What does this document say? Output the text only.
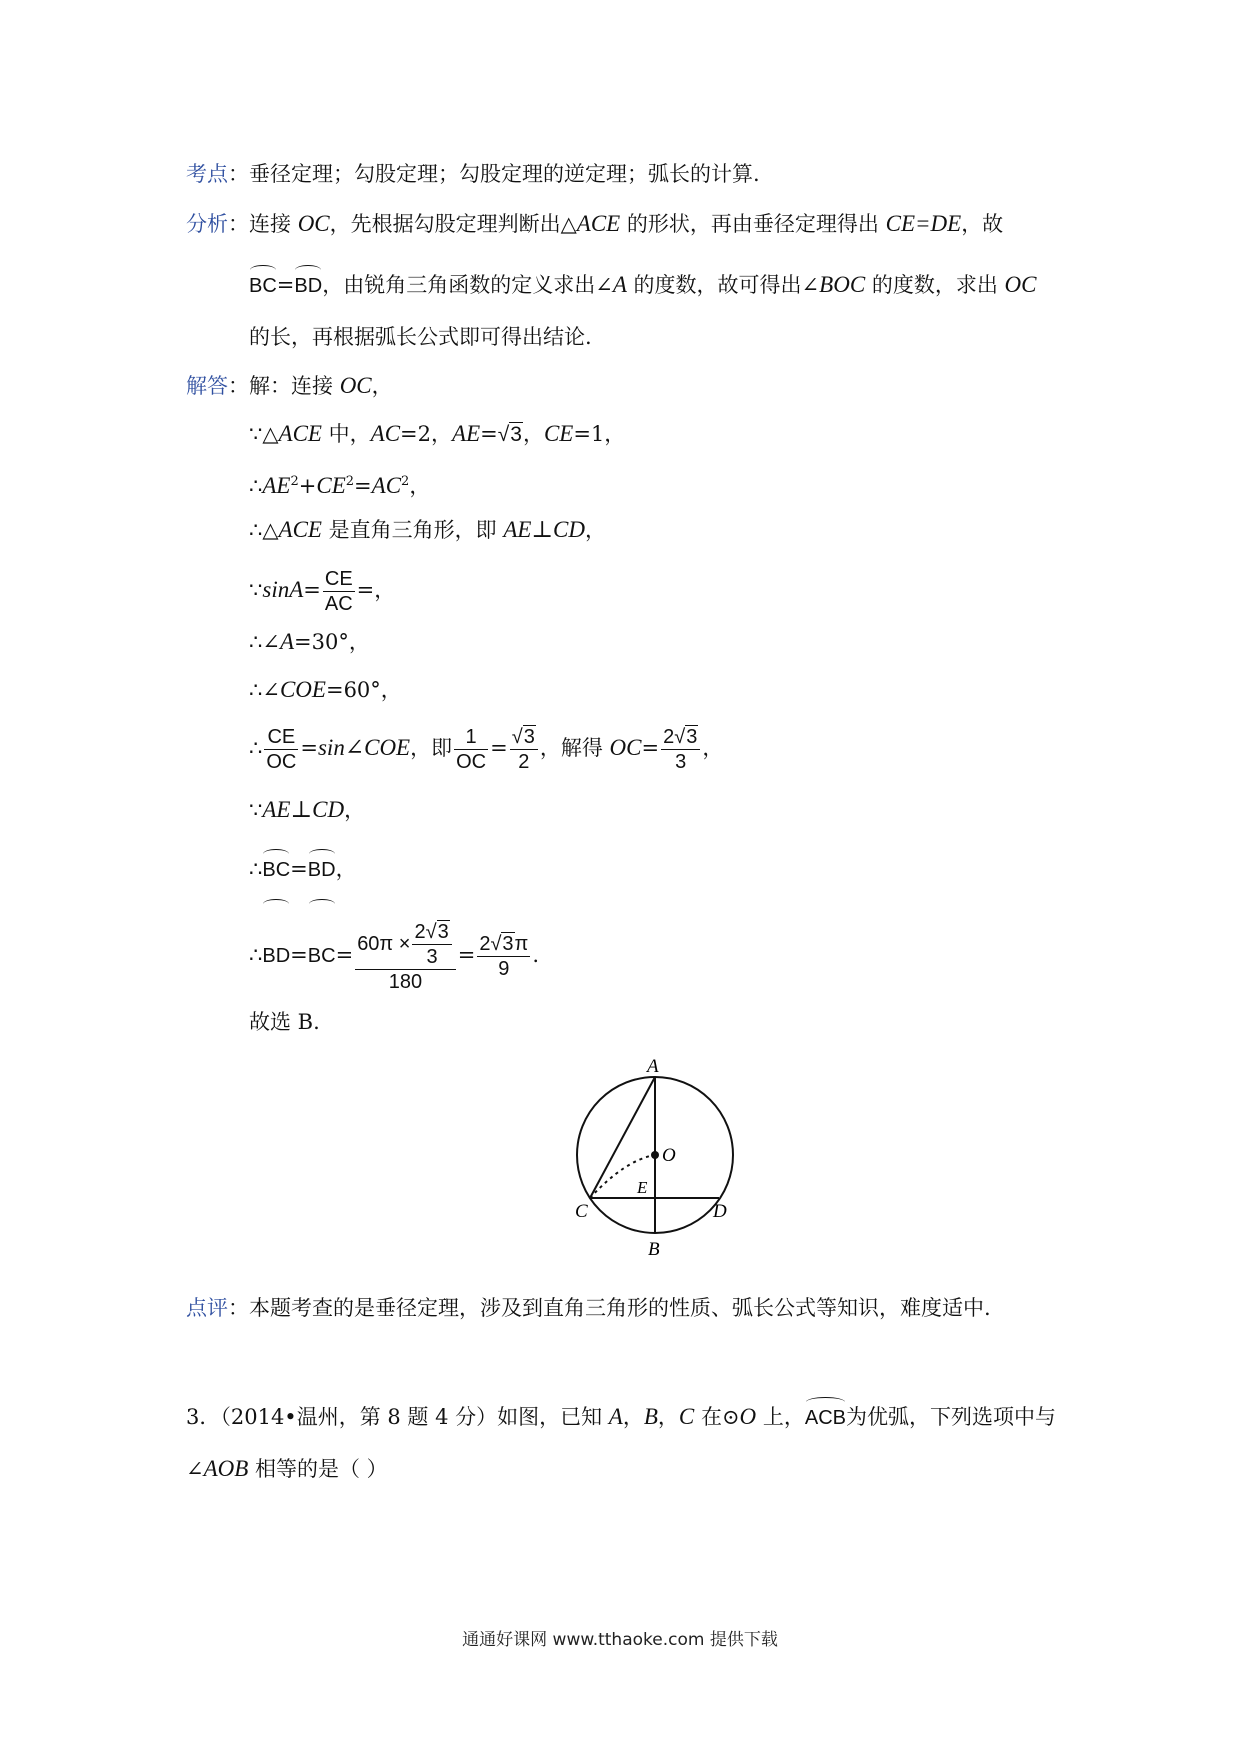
考点：垂径定理；勾股定理；勾股定理的逆定理；弧长的计算.
分析：连接 OC，先根据勾股定理判断出△ACE 的形状，再由垂径定理得出 CE=DE，故
BC=BD，由锐角三角函数的定义求出∠A 的度数，故可得出∠BOC 的度数，求出 OC
的长，再根据弧长公式即可得出结论.
解答：解：连接 OC，
∵△ACE 中，AC=2，AE=√3，CE=1，
$\therefore AE^2+CE^2=AC^2$，
∴△ACE 是直角三角形，即 AE⊥CD，
∵sinA= $\frac{CE}{AC}$ =，
∴∠A=30°，
∴∠COE=60°，
∴ $\frac{CE}{OC}$ =sin∠COE，即 $\frac{1}{OC} = \frac{√3}{2}$ ，解得 $OC= \frac{2√3}{3}$ ，
∵AE⊥CD，
∴BC=BD，
∴BD=BC= $\frac{60\pi \times \frac{2√3}{3}}{180} = \frac{2√3\pi}{9}$ .
故选 B.
A
O
E
C	D
B
点评：本题考查的是垂径定理，涉及到直角三角形的性质、弧长公式等知识，难度适中.
3．（2014•温州，第 8 题 4 分）如图，已知 A，B，C 在⊙O 上，ACB为优弧，下列选项中与
∠AOB 相等的是（ ）
通通好课网 www.tthaoke.com 提供下载
